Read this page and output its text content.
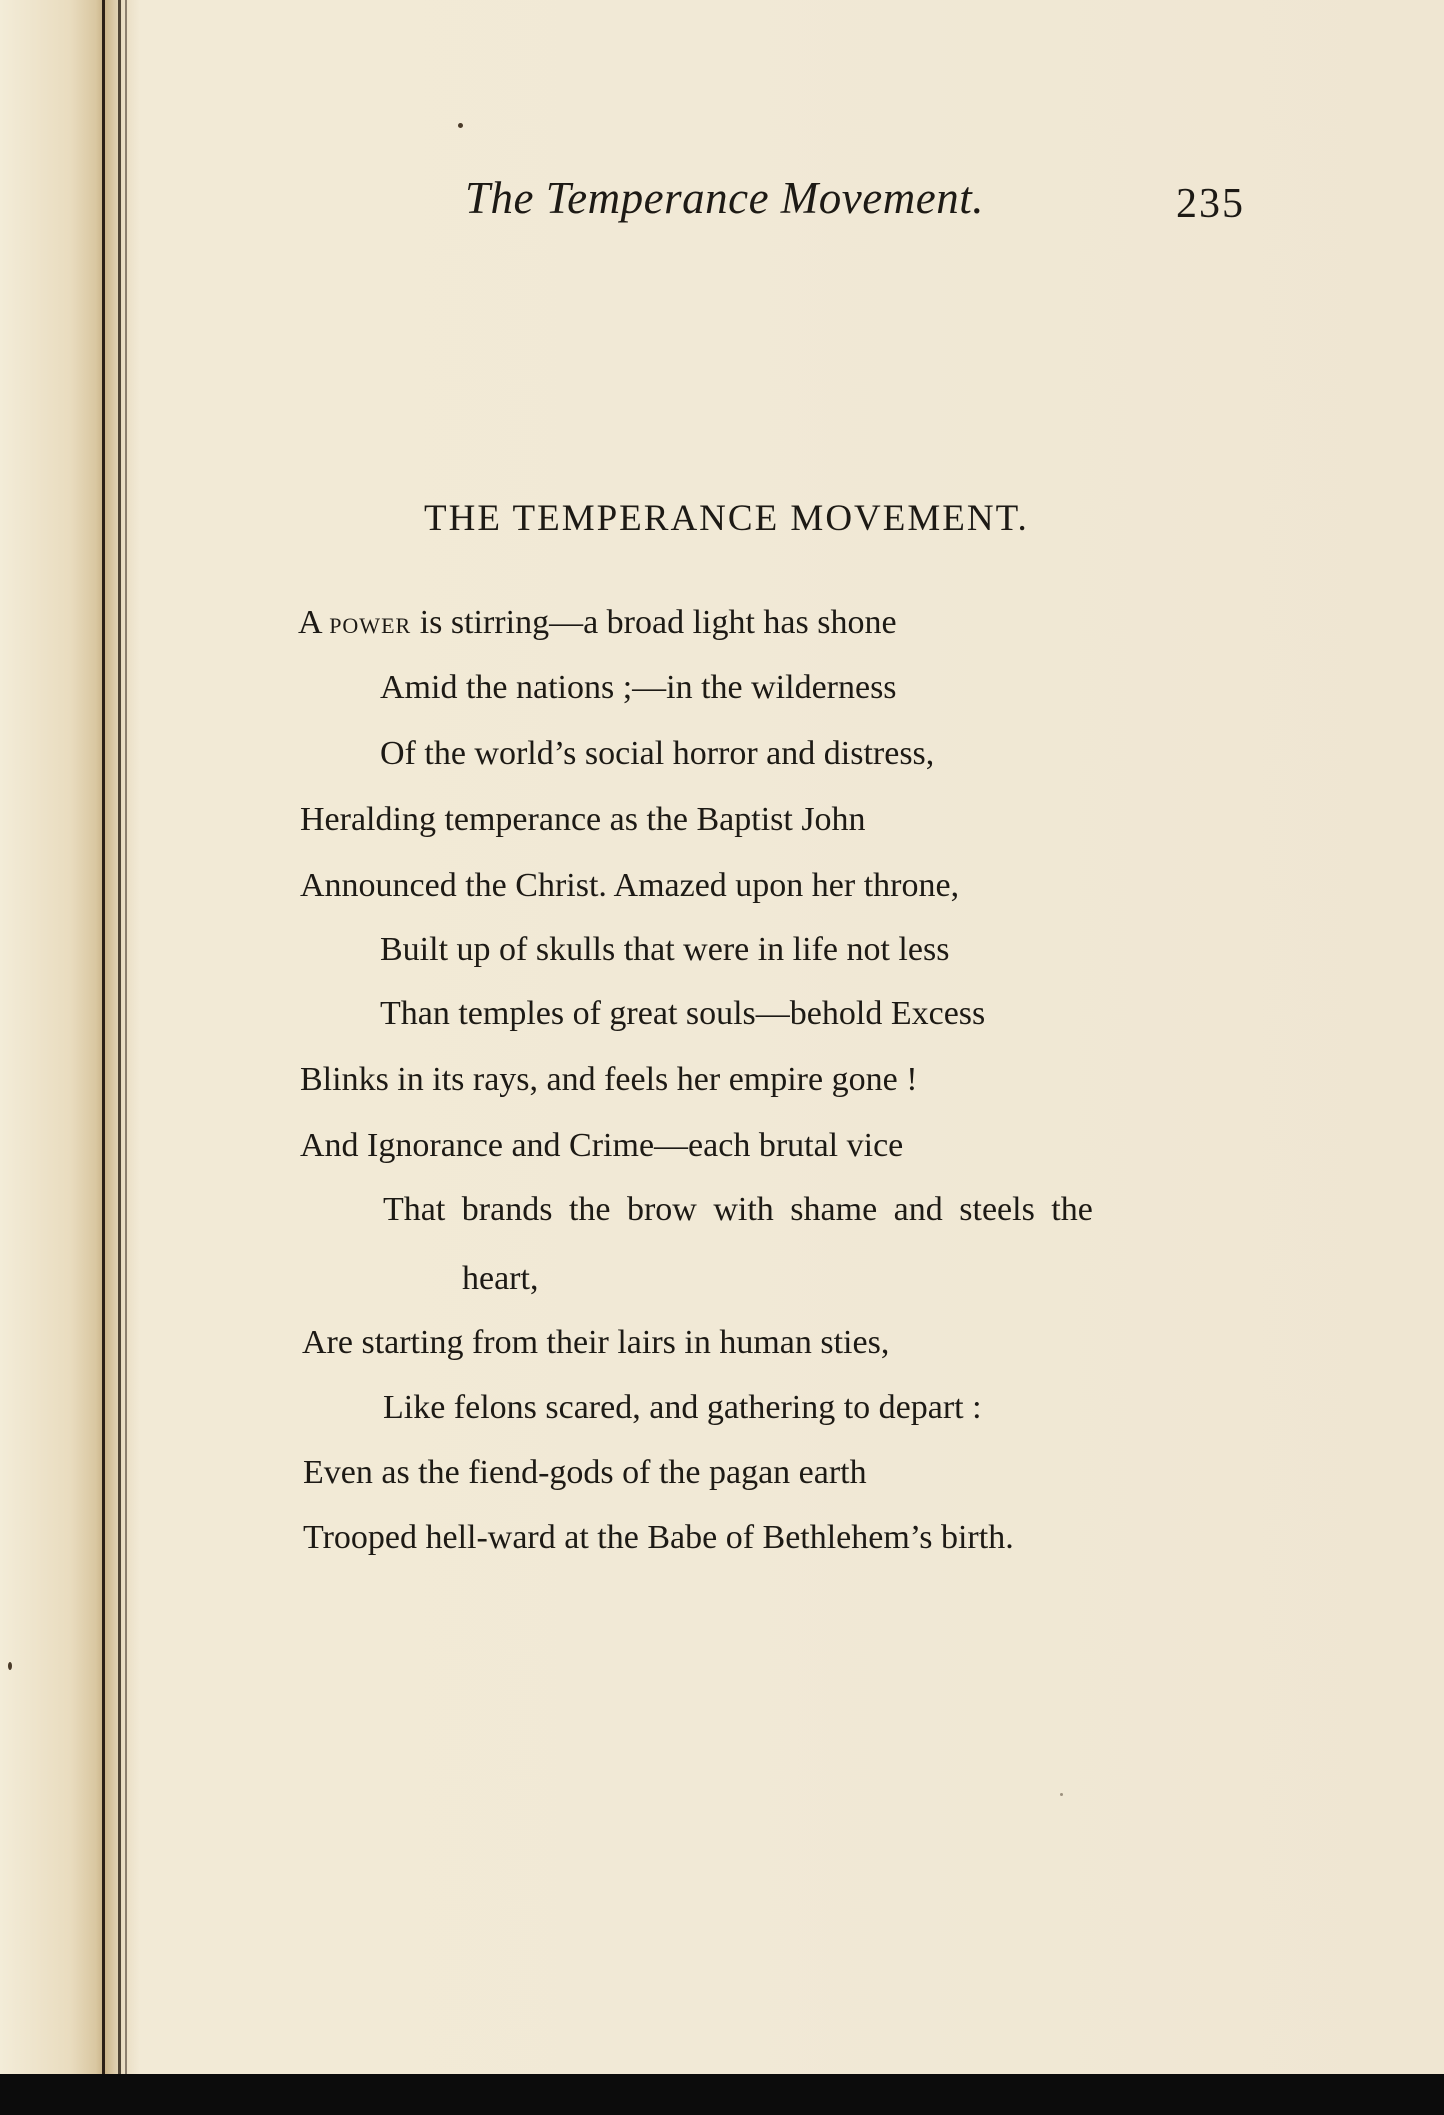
The Temperance Movement.	235
THE TEMPERANCE MOVEMENT.
A power is stirring—a broad light has shone
Amid the nations ;—in the wilderness
Of the world’s social horror and distress,
Heralding temperance as the Baptist John
Announced the Christ. Amazed upon her throne,
Built up of skulls that were in life not less
Than temples of great souls—behold Excess
Blinks in its rays, and feels her empire gone !
And Ignorance and Crime—each brutal vice
That brands the brow with shame and steels the
heart,
Are starting from their lairs in human sties,
Like felons scared, and gathering to depart :
Even as the fiend-gods of the pagan earth
Trooped hell-ward at the Babe of Bethlehem’s birth.
